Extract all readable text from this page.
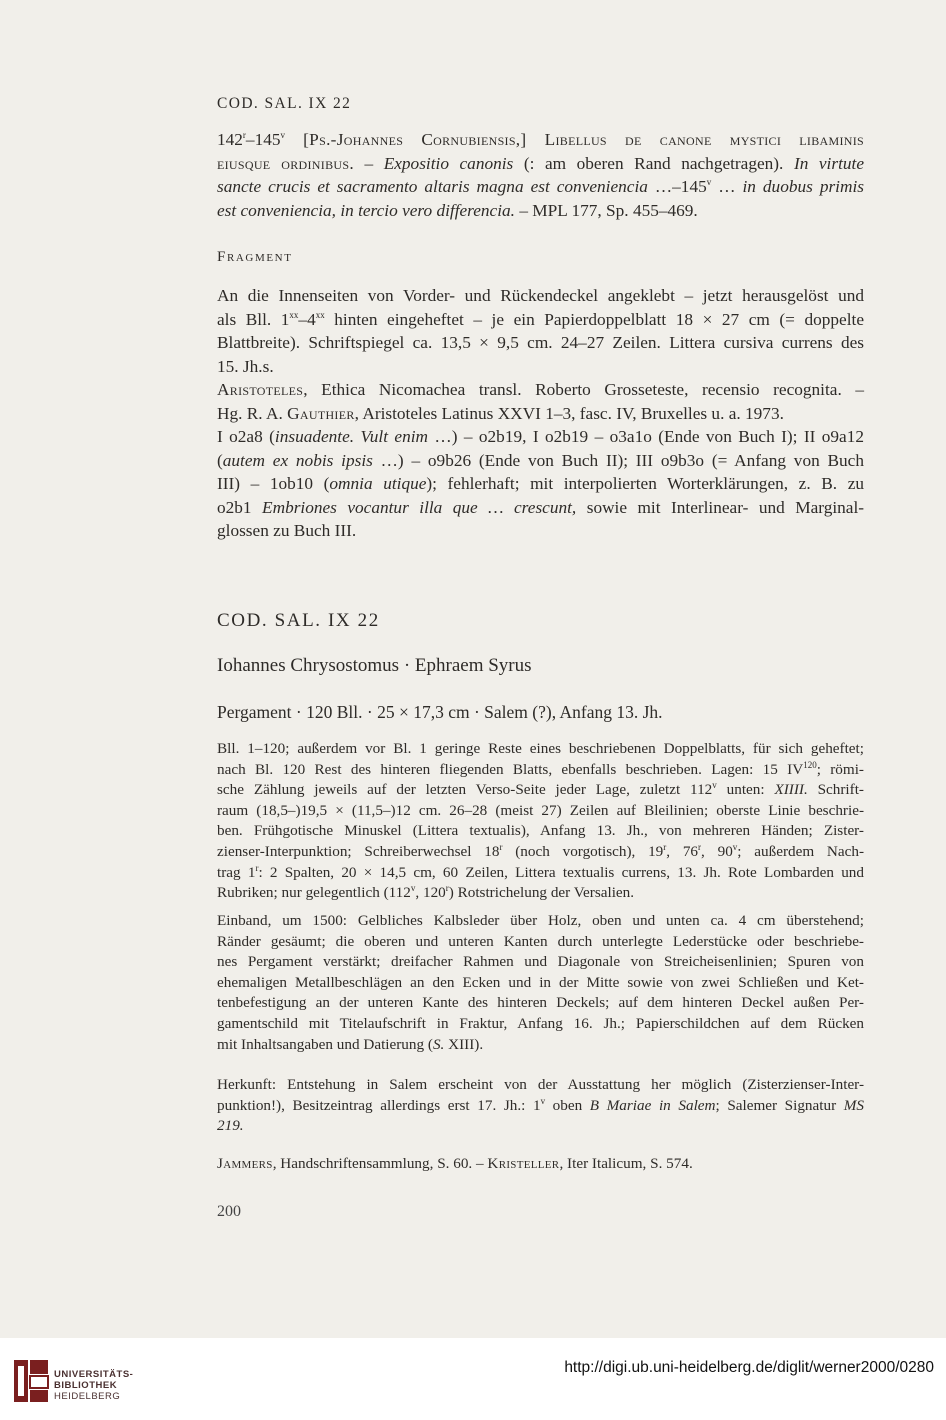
COD. SAL. IX 22
142$^r$–145$^v$ [Ps.-Johannes Cornubiensis,] Libellus de canone mystici libaminis
eiusque ordinibus. – Expositio canonis (: am oberen Rand nachgetragen). In virtute
sancte crucis et sacramento altaris magna est conveniencia …–145$^v$ … in duobus primis
est conveniencia, in tercio vero differencia. – MPL 177, Sp. 455–469.
Fragment
An die Innenseiten von Vorder- und Rückendeckel angeklebt – jetzt herausgelöst und
als Bll. 1$^{xx}$–4$^{xx}$ hinten eingeheftet – je ein Papierdoppelblatt 18 × 27 cm (= doppelte
Blattbreite). Schriftspiegel ca. 13,5 × 9,5 cm. 24–27 Zeilen. Littera cursiva currens des
15. Jh.s.
Aristoteles, Ethica Nicomachea transl. Roberto Grosseteste, recensio recognita. –
Hg. R. A. Gauthier, Aristoteles Latinus XXVI 1–3, fasc. IV, Bruxelles u. a. 1973.
I o2a8 (insuadente. Vult enim …) – o2b19, I o2b19 – o3a1o (Ende von Buch I); II o9a12
(autem ex nobis ipsis …) – o9b26 (Ende von Buch II); III o9b3o (= Anfang von Buch
III) – 1ob10 (omnia utique); fehlerhaft; mit interpolierten Worterklärungen, z. B. zu
o2b1 Embriones vocantur illa que … crescunt, sowie mit Interlinear- und Marginal-
glossen zu Buch III.
COD. SAL. IX 22
Iohannes Chrysostomus · Ephraem Syrus
Pergament · 120 Bll. · 25 × 17,3 cm · Salem (?), Anfang 13. Jh.
Bll. 1–120; außerdem vor Bl. 1 geringe Reste eines beschriebenen Doppelblatts, für sich geheftet;
nach Bl. 120 Rest des hinteren fliegenden Blatts, ebenfalls beschrieben. Lagen: 15 IV$^{120}$; römi-
sche Zählung jeweils auf der letzten Verso-Seite jeder Lage, zuletzt 112$^v$ unten: XIIII. Schrift-
raum (18,5–)19,5 × (11,5–)12 cm. 26–28 (meist 27) Zeilen auf Bleilinien; oberste Linie beschrie-
ben. Frühgotische Minuskel (Littera textualis), Anfang 13. Jh., von mehreren Händen; Zister-
zienser-Interpunktion; Schreiberwechsel 18$^r$ (noch vorgotisch), 19$^r$, 76$^r$, 90$^v$; außerdem Nach-
trag 1$^r$: 2 Spalten, 20 × 14,5 cm, 60 Zeilen, Littera textualis currens, 13. Jh. Rote Lombarden und
Rubriken; nur gelegentlich (112$^v$, 120$^r$) Rotstrichelung der Versalien.
Einband, um 1500: Gelbliches Kalbsleder über Holz, oben und unten ca. 4 cm überstehend;
Ränder gesäumt; die oberen und unteren Kanten durch unterlegte Lederstücke oder beschriebe-
nes Pergament verstärkt; dreifacher Rahmen und Diagonale von Streicheisenlinien; Spuren von
ehemaligen Metallbeschlägen an den Ecken und in der Mitte sowie von zwei Schließen und Ket-
tenbefestigung an der unteren Kante des hinteren Deckels; auf dem hinteren Deckel außen Per-
gamentschild mit Titelaufschrift in Fraktur, Anfang 16. Jh.; Papierschildchen auf dem Rücken
mit Inhaltsangaben und Datierung (S. XIII).
Herkunft: Entstehung in Salem erscheint von der Ausstattung her möglich (Zisterzienser-Inter-
punktion!), Besitzeintrag allerdings erst 17. Jh.: 1$^v$ oben B Mariae in Salem; Salemer Signatur MS
219.
Jammers, Handschriftensammlung, S. 60. – Kristeller, Iter Italicum, S. 574.
200
UNIVERSITÄTS-
BIBLIOTHEK
HEIDELBERG
http://digi.ub.uni-heidelberg.de/diglit/werner2000/0280
